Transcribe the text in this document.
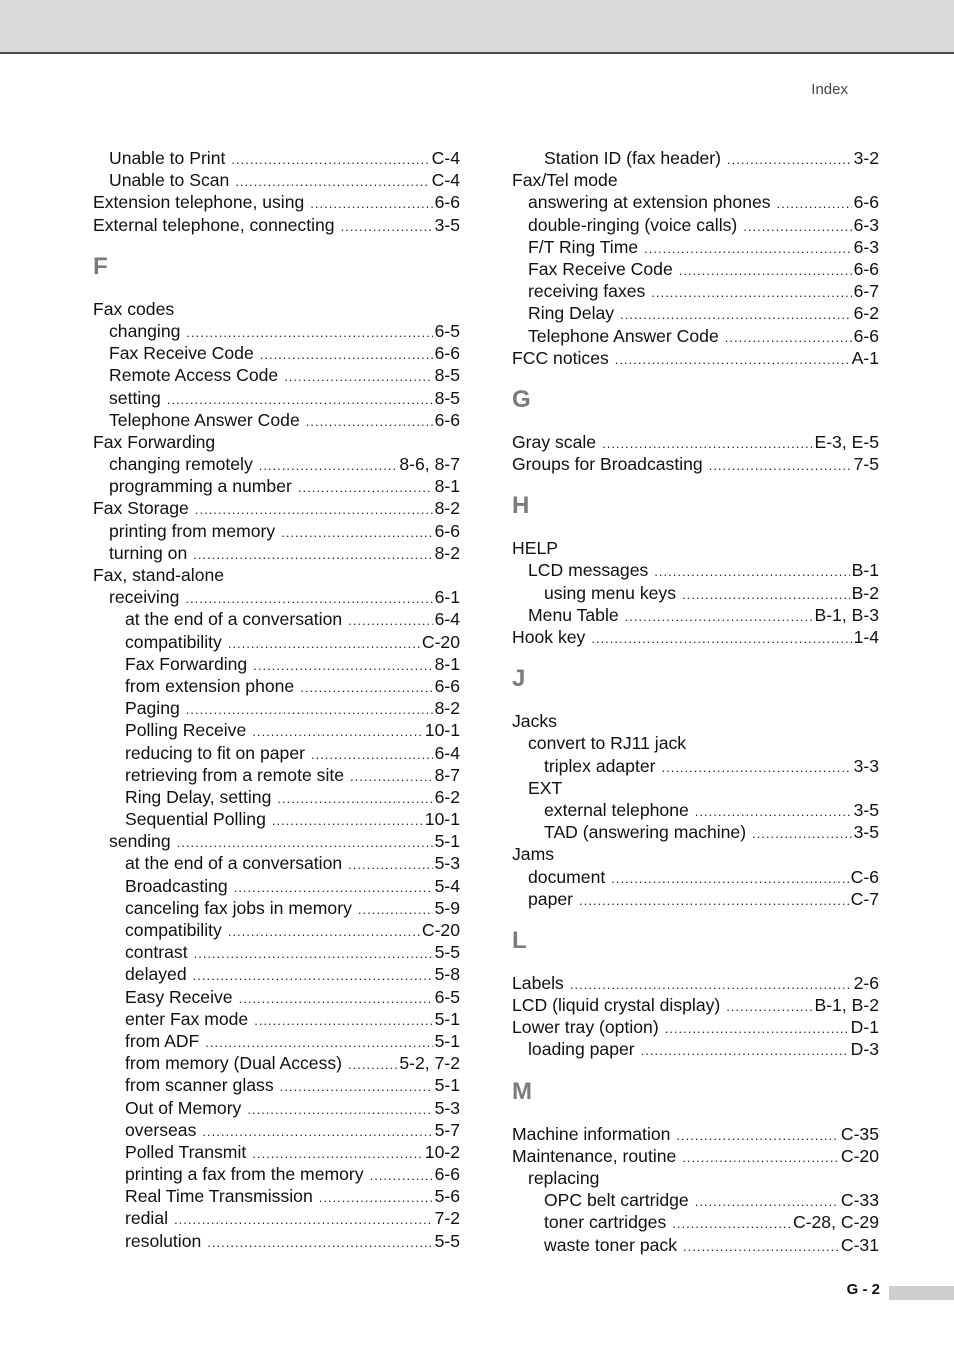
Index
Unable to Print .....	C-4
Unable to Scan .....	C-4
Extension telephone, using .....	6-6
External telephone, connecting .....	3-5
F
Fax codes
changing .....	6-5
Fax Receive Code .....	6-6
Remote Access Code .....	8-5
setting .....	8-5
Telephone Answer Code .....	6-6
Fax Forwarding
changing remotely .....	8-6, 8-7
programming a number .....	8-1
Fax Storage .....	8-2
printing from memory .....	6-6
turning on .....	8-2
Fax, stand-alone
receiving .....	6-1
at the end of a conversation .....	6-4
compatibility .....	C-20
Fax Forwarding .....	8-1
from extension phone .....	6-6
Paging .....	8-2
Polling Receive .....	10-1
reducing to fit on paper .....	6-4
retrieving from a remote site .....	8-7
Ring Delay, setting .....	6-2
Sequential Polling .....	10-1
sending .....	5-1
at the end of a conversation .....	5-3
Broadcasting .....	5-4
canceling fax jobs in memory .....	5-9
compatibility .....	C-20
contrast .....	5-5
delayed .....	5-8
Easy Receive .....	6-5
enter Fax mode .....	5-1
from ADF .....	5-1
from memory (Dual Access) .....	5-2, 7-2
from scanner glass .....	5-1
Out of Memory .....	5-3
overseas .....	5-7
Polled Transmit .....	10-2
printing a fax from the memory .....	6-6
Real Time Transmission .....	5-6
redial .....	7-2
resolution .....	5-5
Station ID (fax header) .....	3-2
Fax/Tel mode
answering at extension phones .....	6-6
double-ringing (voice calls) .....	6-3
F/T Ring Time .....	6-3
Fax Receive Code .....	6-6
receiving faxes .....	6-7
Ring Delay .....	6-2
Telephone Answer Code .....	6-6
FCC notices .....	A-1
G
Gray scale .....	E-3, E-5
Groups for Broadcasting .....	7-5
H
HELP
LCD messages .....	B-1
using menu keys .....	B-2
Menu Table .....	B-1, B-3
Hook key .....	1-4
J
Jacks
convert to RJ11 jack
triplex adapter .....	3-3
EXT
external telephone .....	3-5
TAD (answering machine) .....	3-5
Jams
document .....	C-6
paper .....	C-7
L
Labels .....	2-6
LCD (liquid crystal display) .....	B-1, B-2
Lower tray (option) .....	D-1
loading paper .....	D-3
M
Machine information .....	C-35
Maintenance, routine .....	C-20
replacing
OPC belt cartridge .....	C-33
toner cartridges .....	C-28, C-29
waste toner pack .....	C-31
G - 2
